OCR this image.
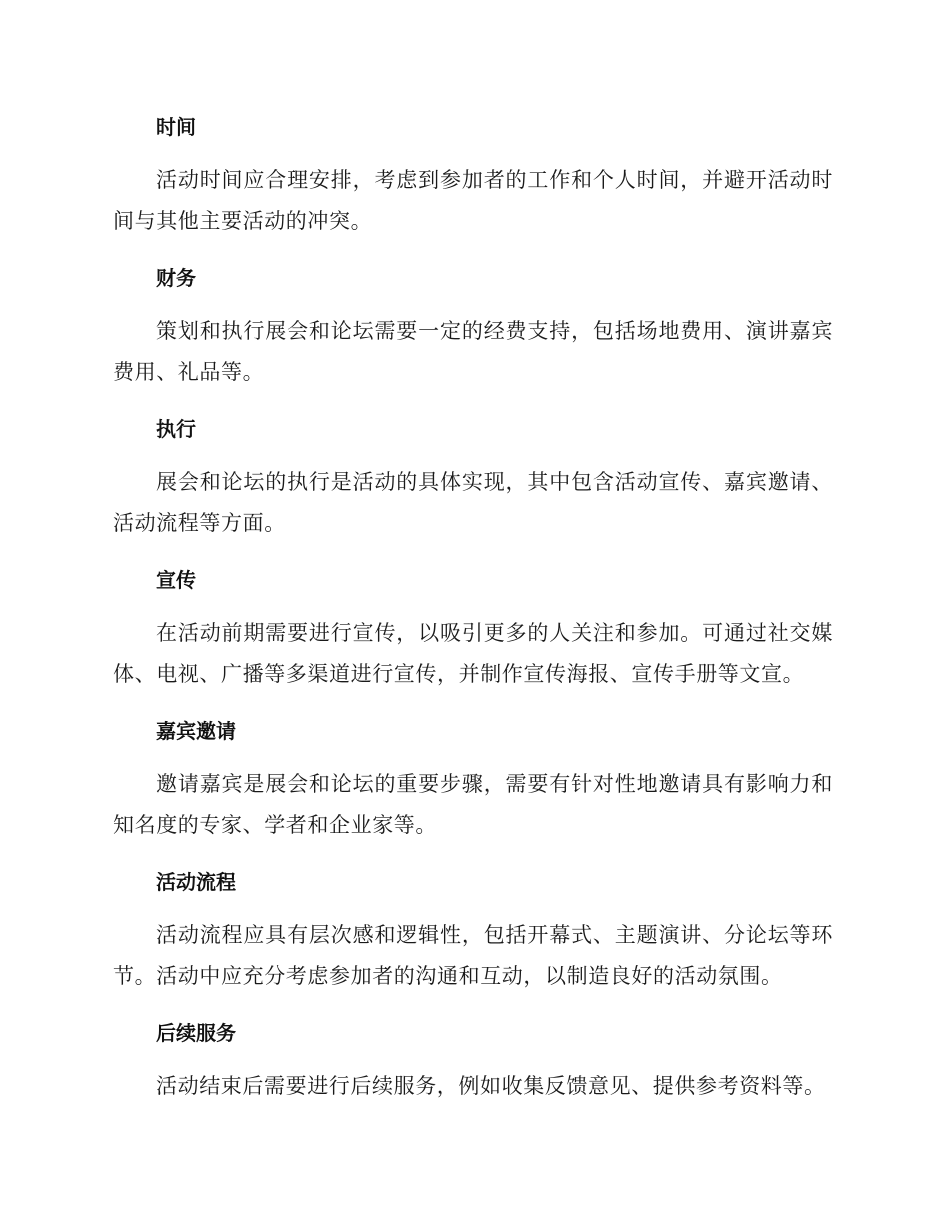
时间

活动时间应合理安排，考虑到参加者的工作和个人时间，并避开活动时间与其他主要活动的冲突。

财务

策划和执行展会和论坛需要一定的经费支持，包括场地费用、演讲嘉宾费用、礼品等。

执行

展会和论坛的执行是活动的具体实现，其中包含活动宣传、嘉宾邀请、活动流程等方面。

宣传

在活动前期需要进行宣传，以吸引更多的人关注和参加。可通过社交媒体、电视、广播等多渠道进行宣传，并制作宣传海报、宣传手册等文宣。

嘉宾邀请

邀请嘉宾是展会和论坛的重要步骤，需要有针对性地邀请具有影响力和知名度的专家、学者和企业家等。

活动流程

活动流程应具有层次感和逻辑性，包括开幕式、主题演讲、分论坛等环节。活动中应充分考虑参加者的沟通和互动，以制造良好的活动氛围。

后续服务

活动结束后需要进行后续服务，例如收集反馈意见、提供参考资料等。
